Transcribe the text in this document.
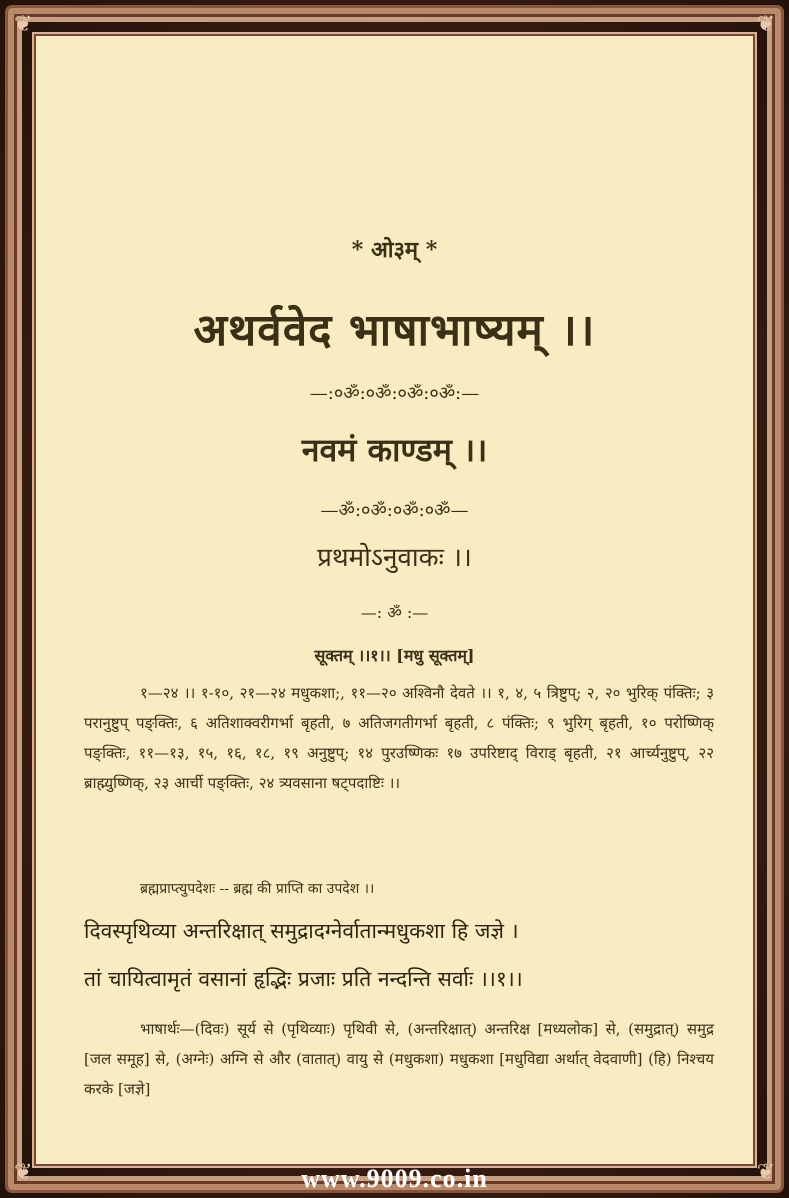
❦	❦
❦	❦
* ओ३म् *
अथर्ववेद भाषाभाष्यम् ।।
—:०ॐ:०ॐ:०ॐ:०ॐ:—
नवमं काण्डम् ।।
—ॐ:०ॐ:०ॐ:०ॐ—
प्रथमोऽनुवाकः ।।
—: ॐ :—
सूक्तम् ।।१।। [मधु सूक्तम्]
१—२४ ।। १-१०, २१—२४ मधुकशा;, ११—२० अश्विनौ देवते ।। १, ४, ५ त्रिष्टुप्; २, २० भुरिक् पंक्तिः; ३ परानुष्टुप् पङ्क्तिः, ६ अतिशाक्वरीगर्भा बृहती, ७ अतिजगतीगर्भा बृहती, ८ पंक्तिः; ९ भुरिग् बृहती, १० परोष्णिक् पङ्क्तिः, ११—१३, १५, १६, १८, १९ अनुष्टुप्; १४ पुरउष्णिकः १७ उपरिष्टाद् विराड् बृहती, २१ आर्च्यनुष्टुप्, २२ ब्राह्म्युष्णिक्, २३ आर्ची पङ्क्तिः, २४ त्र्यवसाना षट्पदाष्टिः ।।
ब्रह्मप्राप्त्युपदेशः -- ब्रह्म की प्राप्ति का उपदेश ।।
दिवस्पृथिव्या अन्तरिक्षात् समुद्रादग्नेर्वातान्मधुकशा हि जज्ञे ।
तां चायित्वामृतं वसानां हृद्भिः प्रजाः प्रति नन्दन्ति सर्वाः ।।१।।
भाषार्थः—(दिवः) सूर्य से (पृथिव्याः) पृथिवी से, (अन्तरिक्षात्) अन्तरिक्ष [मध्यलोक] से, (समुद्रात्) समुद्र [जल समूह] से, (अग्नेः) अग्नि से और (वातात्) वायु से (मधुकशा) मधुकशा [मधुविद्या अर्थात् वेदवाणी] (हि) निश्चय करके [जज्ञे]
www.9009.co.in
